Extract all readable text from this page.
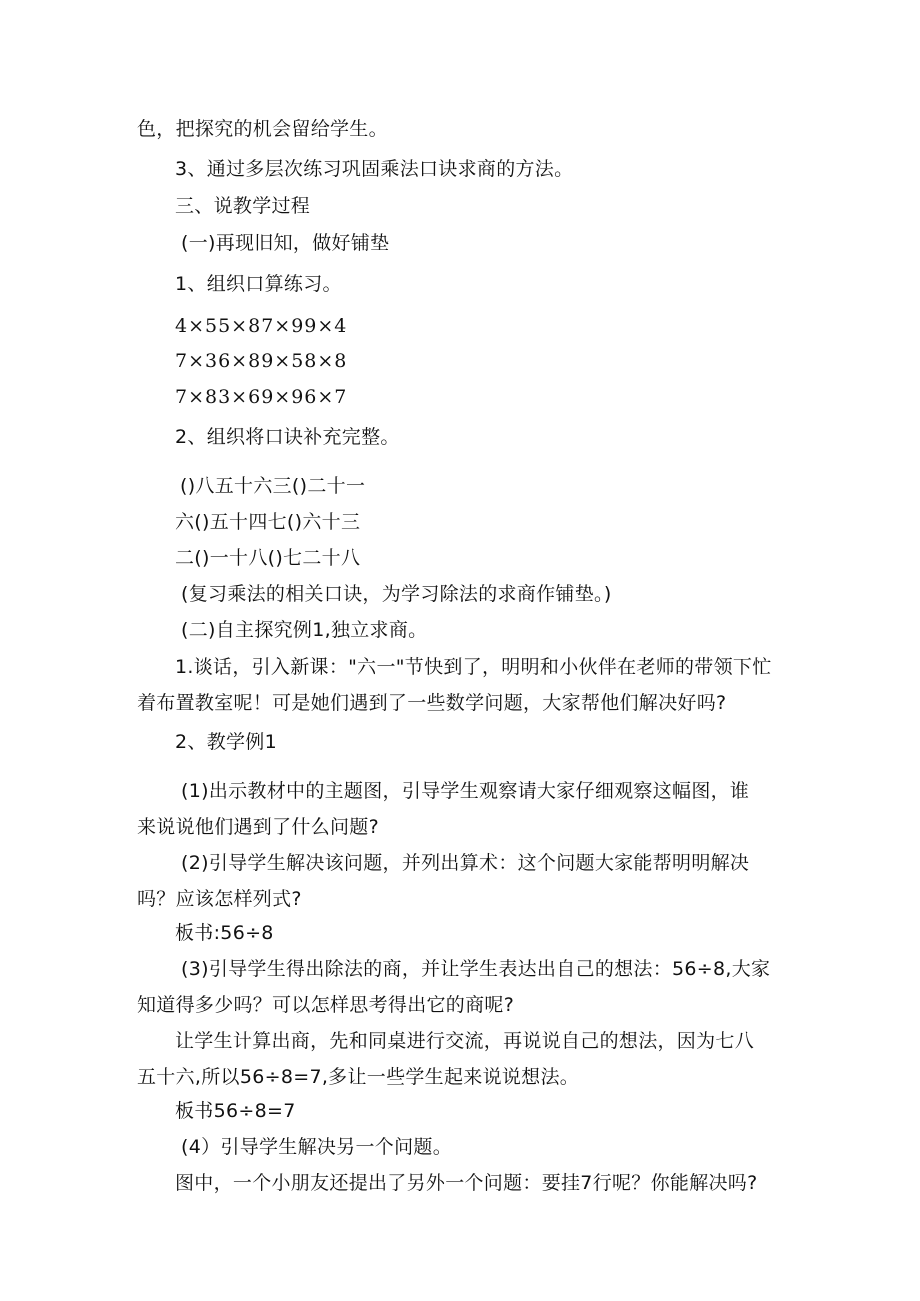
色，把探究的机会留给学生。
3、通过多层次练习巩固乘法口诀求商的方法。
三、说教学过程
(一)再现旧知，做好铺垫
1、组织口算练习。
4×55×87×99×4
7×36×89×58×8
7×83×69×96×7
2、组织将口诀补充完整。
()八五十六三()二十一
六()五十四七()六十三
二()一十八()七二十八
(复习乘法的相关口诀，为学习除法的求商作铺垫。)
(二)自主探究例1,独立求商。
1.谈话，引入新课："六一"节快到了，明明和小伙伴在老师的带领下忙
着布置教室呢！可是她们遇到了一些数学问题，大家帮他们解决好吗?
2、教学例1
(1)出示教材中的主题图，引导学生观察请大家仔细观察这幅图，谁
来说说他们遇到了什么问题?
(2)引导学生解决该问题，并列出算术：这个问题大家能帮明明解决
吗？应该怎样列式?
板书:56÷8
(3)引导学生得出除法的商，并让学生表达出自己的想法：56÷8,大家
知道得多少吗？可以怎样思考得出它的商呢?
让学生计算出商，先和同桌进行交流，再说说自己的想法，因为七八
五十六,所以56÷8=7,多让一些学生起来说说想法。
板书56÷8=7
(4）引导学生解决另一个问题。
图中，一个小朋友还提出了另外一个问题：要挂7行呢？你能解决吗?
